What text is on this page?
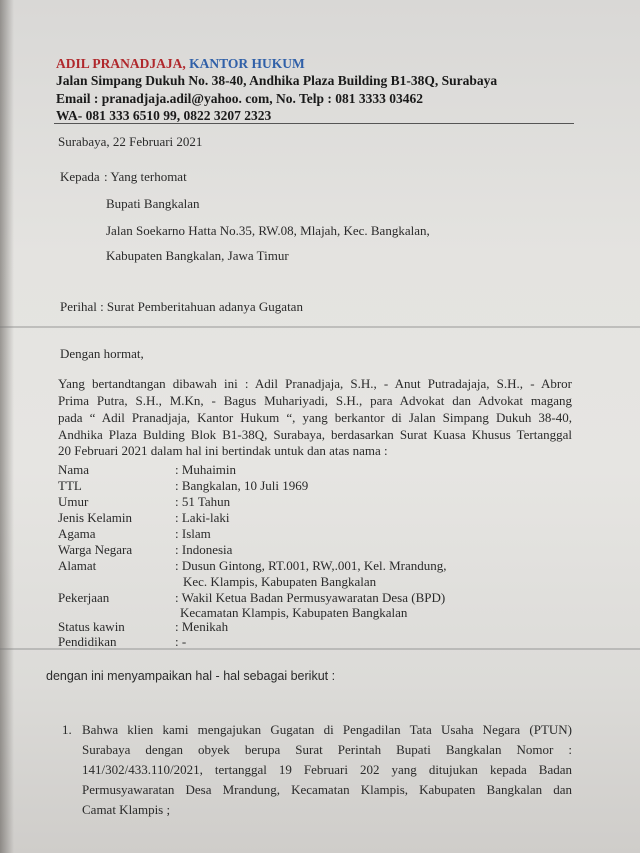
ADIL PRANADJAJA, KANTOR HUKUM
Jalan Simpang Dukuh No. 38-40, Andhika Plaza Building B1-38Q, Surabaya
Email : pranadjaja.adil@yahoo. com, No. Telp : 081 3333 03462
WA- 081 333 6510 99, 0822 3207 2323
Surabaya, 22 Februari 2021
Kepada : Yang terhomat
Bupati Bangkalan
Jalan Soekarno Hatta No.35, RW.08, Mlajah, Kec. Bangkalan,
Kabupaten Bangkalan, Jawa Timur
Perihal : Surat Pemberitahuan adanya Gugatan
Dengan hormat,
Yang bertandtangan dibawah ini : Adil Pranadjaja, S.H., - Anut Putradajaja, S.H., - Abror
Prima Putra, S.H., M.Kn, - Bagus Muhariyadi, S.H., para Advokat dan Advokat magang
pada “ Adil Pranadjaja, Kantor Hukum “, yang berkantor di Jalan Simpang Dukuh 38-40,
Andhika Plaza Bulding Blok B1-38Q, Surabaya, berdasarkan Surat Kuasa Khusus Tertanggal
20 Februari 2021 dalam hal ini bertindak untuk dan atas nama :
Nama
TTL
Umur
Jenis Kelamin
Agama
Warga Negara
Alamat
Pekerjaan
Status kawin
Pendidikan
: Muhaimin
: Bangkalan, 10 Juli 1969
: 51 Tahun
: Laki-laki
: Islam
: Indonesia
: Dusun Gintong, RT.001, RW,.001, Kel. Mrandung,
Kec. Klampis, Kabupaten Bangkalan
: Wakil Ketua Badan Permusyawaratan Desa (BPD)
Kecamatan Klampis, Kabupaten Bangkalan
: Menikah
: -
dengan ini menyampaikan hal - hal sebagai berikut :
1. Bahwa klien kami mengajukan Gugatan di Pengadilan Tata Usaha Negara (PTUN)
Surabaya dengan obyek berupa Surat Perintah Bupati Bangkalan Nomor :
141/302/433.110/2021, tertanggal 19 Februari 202 yang ditujukan kepada Badan
Permusyawaratan Desa Mrandung, Kecamatan Klampis, Kabupaten Bangkalan dan
Camat Klampis ;
